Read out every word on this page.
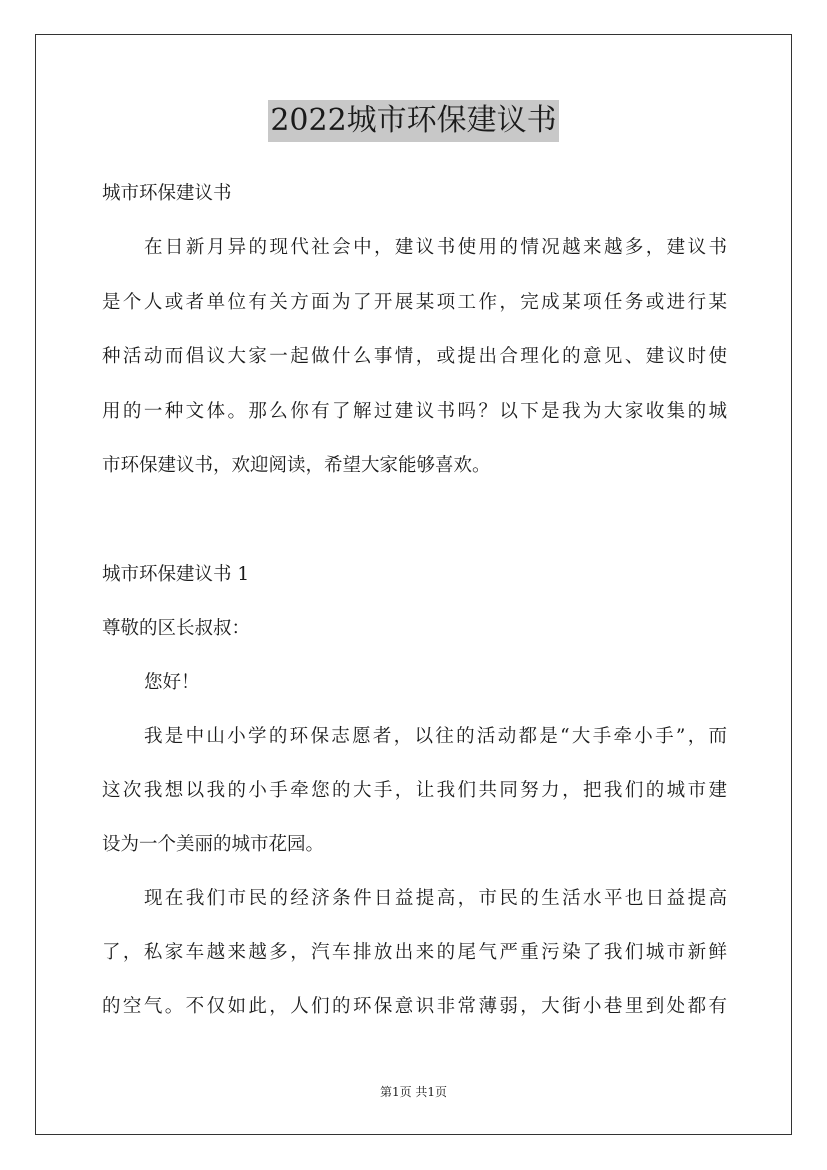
2022城市环保建议书

城市环保建议书

在日新月异的现代社会中，建议书使用的情况越来越多，建议书

是个人或者单位有关方面为了开展某项工作，完成某项任务或进行某

种活动而倡议大家一起做什么事情，或提出合理化的意见、建议时使

用的一种文体。那么你有了解过建议书吗？以下是我为大家收集的城

市环保建议书，欢迎阅读，希望大家能够喜欢。

城市环保建议书 1

尊敬的区长叔叔：

您好！

我是中山小学的环保志愿者，以往的活动都是“大手牵小手”，而

这次我想以我的小手牵您的大手，让我们共同努力，把我们的城市建

设为一个美丽的城市花园。

现在我们市民的经济条件日益提高，市民的生活水平也日益提高

了，私家车越来越多，汽车排放出来的尾气严重污染了我们城市新鲜

的空气。不仅如此，人们的环保意识非常薄弱，大街小巷里到处都有

第1页 共1页
